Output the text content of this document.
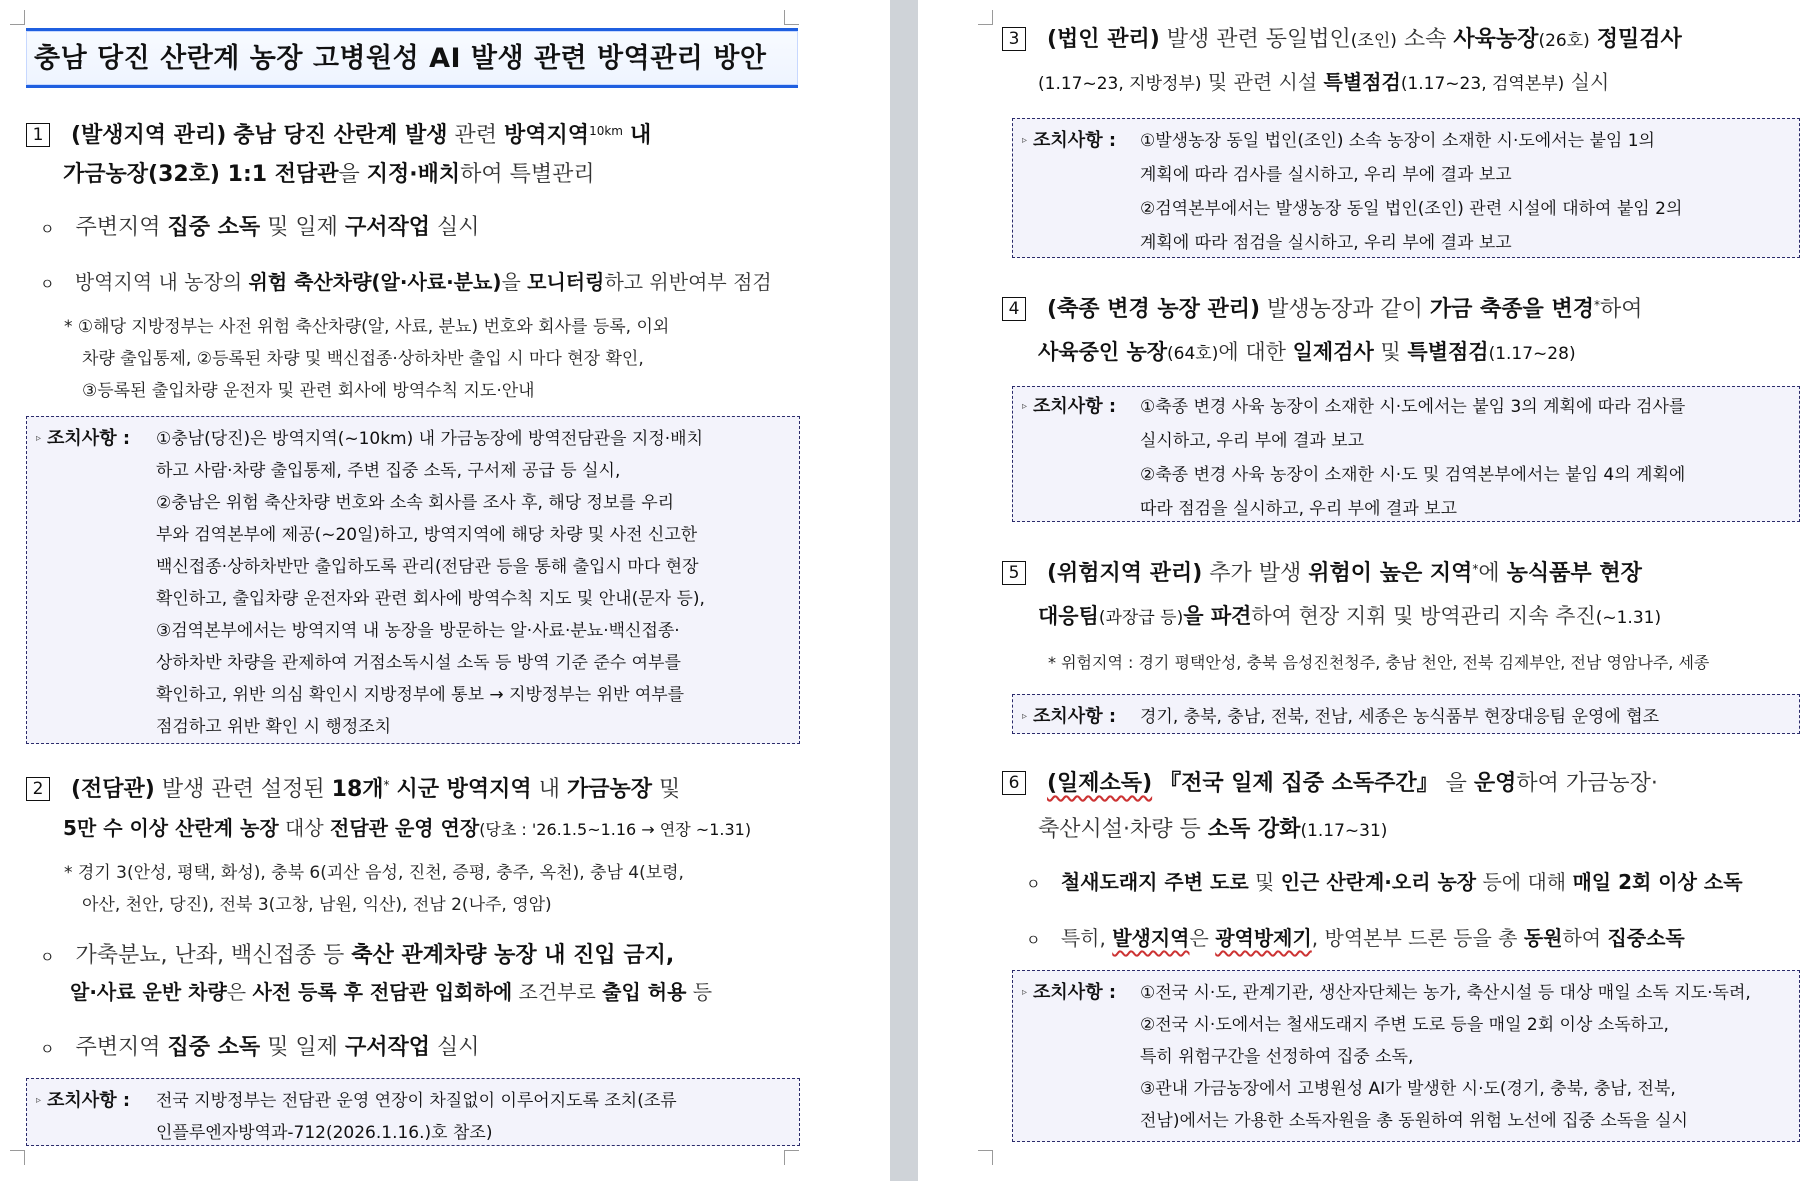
충남 당진 산란계 농장 고병원성 AI 발생 관련 방역관리 방안
1 (발생지역 관리) 충남 당진 산란계 발생 관련 방역지역$^{10km}$ 내
가금농장(32호) 1:1 전담관을 지정·배치하여 특별관리
ㅇ 주변지역 집중 소독 및 일제 구서작업 실시
ㅇ 방역지역 내 농장의 위험 축산차량(알·사료·분뇨)을 모니터링하고 위반여부 점검
* ①해당 지방정부는 사전 위험 축산차량(알, 사료, 분뇨) 번호와 회사를 등록, 이외
차량 출입통제, ②등록된 차량 및 백신접종·상하차반 출입 시 마다 현장 확인,
③등록된 출입차량 운전자 및 관련 회사에 방역수칙 지도·안내
▹ 조치사항 : ①충남(당진)은 방역지역(~10km) 내 가금농장에 방역전담관을 지정·배치
하고 사람·차량 출입통제, 주변 집중 소독, 구서제 공급 등 실시,
②충남은 위험 축산차량 번호와 소속 회사를 조사 후, 해당 정보를 우리
부와 검역본부에 제공(~20일)하고, 방역지역에 해당 차량 및 사전 신고한
백신접종·상하차반만 출입하도록 관리(전담관 등을 통해 출입시 마다 현장
확인하고, 출입차량 운전자와 관련 회사에 방역수칙 지도 및 안내(문자 등),
③검역본부에서는 방역지역 내 농장을 방문하는 알·사료·분뇨·백신접종·
상하차반 차량을 관제하여 거점소독시설 소독 등 방역 기준 준수 여부를
확인하고, 위반 의심 확인시 지방정부에 통보 → 지방정부는 위반 여부를
점검하고 위반 확인 시 행정조치
2 (전담관) 발생 관련 설정된 18개* 시군 방역지역 내 가금농장 및
5만 수 이상 산란계 농장 대상 전담관 운영 연장(당초 : '26.1.5~1.16 → 연장 ~1.31)
* 경기 3(안성, 평택, 화성), 충북 6(괴산 음성, 진천, 증평, 충주, 옥천), 충남 4(보령,
아산, 천안, 당진), 전북 3(고창, 남원, 익산), 전남 2(나주, 영암)
ㅇ 가축분뇨, 난좌, 백신접종 등 축산 관계차량 농장 내 진입 금지,
알·사료 운반 차량은 사전 등록 후 전담관 입회하에 조건부로 출입 허용 등
ㅇ 주변지역 집중 소독 및 일제 구서작업 실시
▹ 조치사항 : 전국 지방정부는 전담관 운영 연장이 차질없이 이루어지도록 조치(조류
인플루엔자방역과-712(2026.1.16.)호 참조)
3 (법인 관리) 발생 관련 동일법인(조인) 소속 사육농장(26호) 정밀검사
(1.17~23, 지방정부) 및 관련 시설 특별점검(1.17~23, 검역본부) 실시
▹ 조치사항 : ①발생농장 동일 법인(조인) 소속 농장이 소재한 시·도에서는 붙임 1의
계획에 따라 검사를 실시하고, 우리 부에 결과 보고
②검역본부에서는 발생농장 동일 법인(조인) 관련 시설에 대하여 붙임 2의
계획에 따라 점검을 실시하고, 우리 부에 결과 보고
4 (축종 변경 농장 관리) 발생농장과 같이 가금 축종을 변경*하여
사육중인 농장(64호)에 대한 일제검사 및 특별점검(1.17~28)
▹ 조치사항 : ①축종 변경 사육 농장이 소재한 시·도에서는 붙임 3의 계획에 따라 검사를
실시하고, 우리 부에 결과 보고
②축종 변경 사육 농장이 소재한 시·도 및 검역본부에서는 붙임 4의 계획에
따라 점검을 실시하고, 우리 부에 결과 보고
5 (위험지역 관리) 추가 발생 위험이 높은 지역*에 농식품부 현장
대응팀(과장급 등)을 파견하여 현장 지휘 및 방역관리 지속 추진(~1.31)
* 위험지역 : 경기 평택안성, 충북 음성진천청주, 충남 천안, 전북 김제부안, 전남 영암나주, 세종
▹ 조치사항 : 경기, 충북, 충남, 전북, 전남, 세종은 농식품부 현장대응팀 운영에 협조
6 (일제소독) 『전국 일제 집중 소독주간』 을 운영하여 가금농장·
축산시설·차량 등 소독 강화(1.17~31)
ㅇ 철새도래지 주변 도로 및 인근 산란계·오리 농장 등에 대해 매일 2회 이상 소독
ㅇ 특히, 발생지역은 광역방제기, 방역본부 드론 등을 총 동원하여 집중소독
▹ 조치사항 : ①전국 시·도, 관계기관, 생산자단체는 농가, 축산시설 등 대상 매일 소독 지도·독려,
②전국 시·도에서는 철새도래지 주변 도로 등을 매일 2회 이상 소독하고,
특히 위험구간을 선정하여 집중 소독,
③관내 가금농장에서 고병원성 AI가 발생한 시·도(경기, 충북, 충남, 전북,
전남)에서는 가용한 소독자원을 총 동원하여 위험 노선에 집중 소독을 실시
